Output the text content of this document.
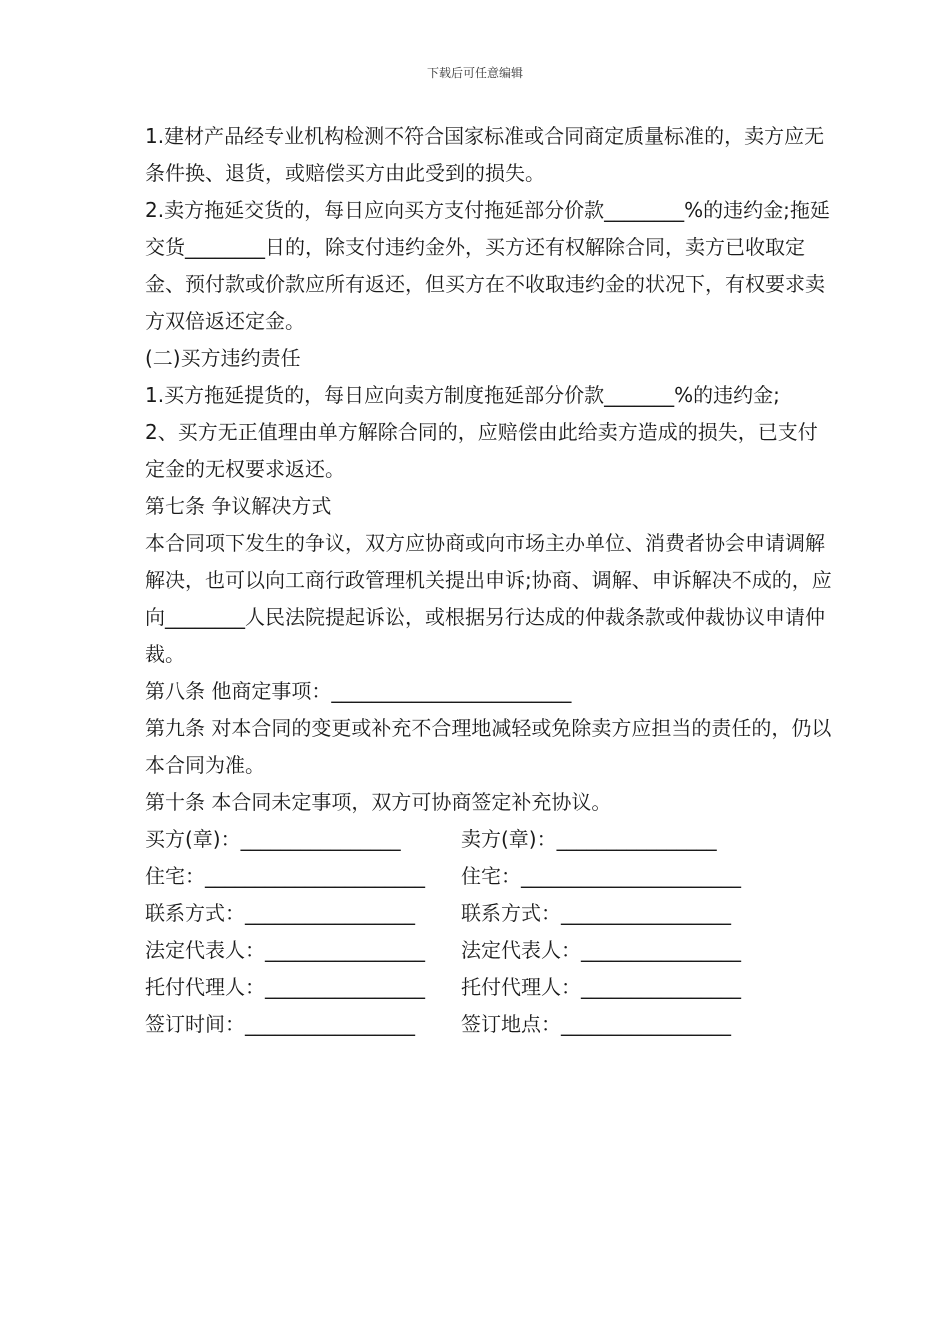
下载后可任意编辑

1.建材产品经专业机构检测不符合国家标准或合同商定质量标准的，卖方应无条件换、退货，或赔偿买方由此受到的损失。

2.卖方拖延交货的，每日应向买方支付拖延部分价款________%的违约金;拖延交货________日的，除支付违约金外，买方还有权解除合同，卖方已收取定金、预付款或价款应所有返还，但买方在不收取违约金的状况下，有权要求卖方双倍返还定金。

(二)买方违约责任

1.买方拖延提货的，每日应向卖方制度拖延部分价款_______%的违约金;

2、买方无正值理由单方解除合同的，应赔偿由此给卖方造成的损失，已支付定金的无权要求返还。

第七条 争议解决方式

本合同项下发生的争议，双方应协商或向市场主办单位、消费者协会申请调解解决，也可以向工商行政管理机关提出申诉;协商、调解、申诉解决不成的，应向________人民法院提起诉讼，或根据另行达成的仲裁条款或仲裁协议申请仲裁。

第八条 他商定事项：________________________

第九条 对本合同的变更或补充不合理地减轻或免除卖方应担当的责任的，仍以本合同为准。

第十条 本合同未定事项，双方可协商签定补充协议。

买方(章)：________________	卖方(章)：________________
住宅：______________________	住宅：______________________
联系方式：_________________	联系方式：_________________
法定代表人：________________	法定代表人：________________
托付代理人：________________	托付代理人：________________
签订时间：_________________	签订地点：_________________
